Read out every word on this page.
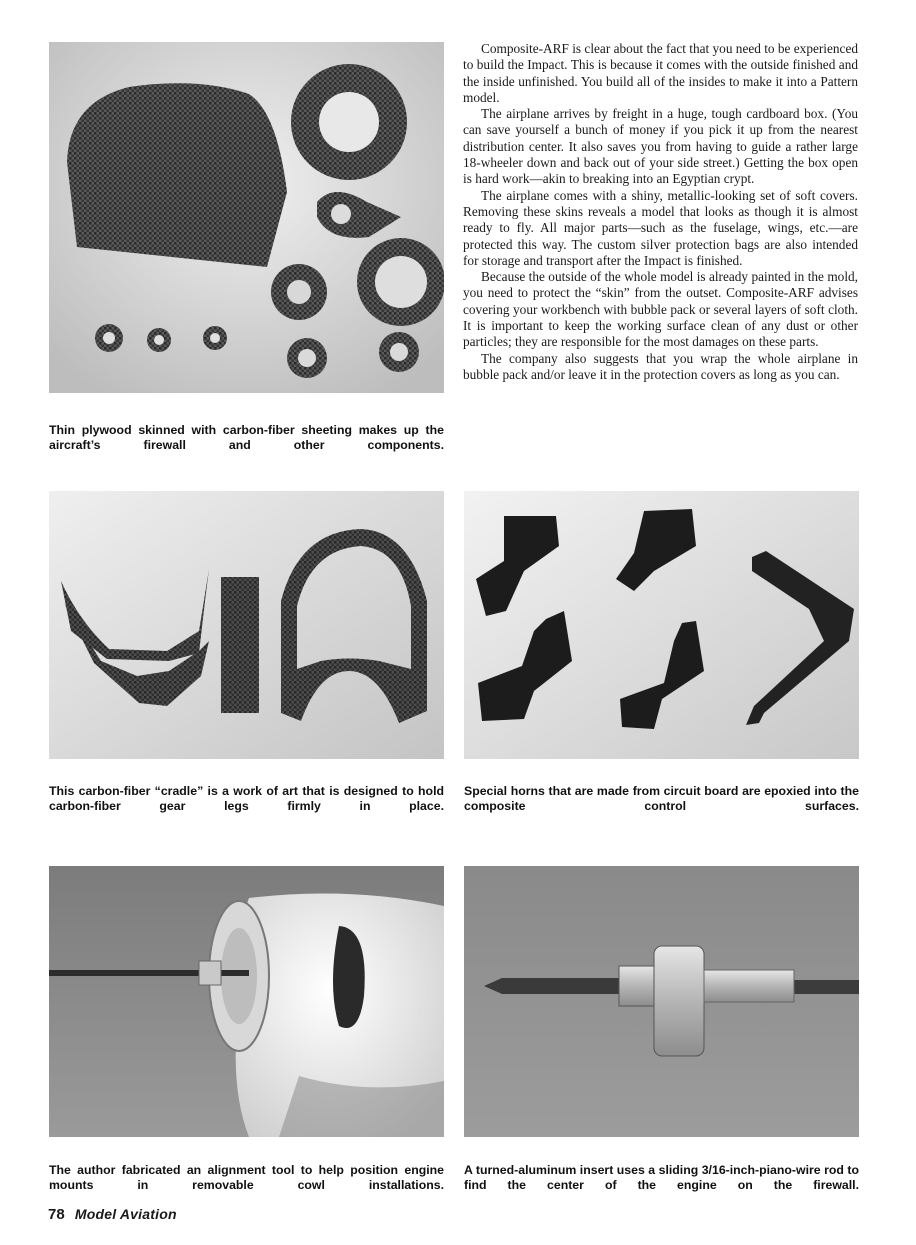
Composite-ARF is clear about the fact that you need to be experienced to build the Impact. This is because it comes with the outside finished and the inside unfinished. You build all of the insides to make it into a Pattern model.

The airplane arrives by freight in a huge, tough cardboard box. (You can save yourself a bunch of money if you pick it up from the nearest distribution center. It also saves you from having to guide a rather large 18-wheeler down and back out of your side street.) Getting the box open is hard work—akin to breaking into an Egyptian crypt.

The airplane comes with a shiny, metallic-looking set of soft covers. Removing these skins reveals a model that looks as though it is almost ready to fly. All major parts—such as the fuselage, wings, etc.—are protected this way. The custom silver protection bags are also intended for storage and transport after the Impact is finished.

Because the outside of the whole model is already painted in the mold, you need to protect the “skin” from the outset. Composite-ARF advises covering your workbench with bubble pack or several layers of soft cloth. It is important to keep the working surface clean of any dust or other particles; they are responsible for the most damages on these parts.

The company also suggests that you wrap the whole airplane in bubble pack and/or leave it in the protection covers as long as you can.

Thin plywood skinned with carbon-fiber sheeting makes up the aircraft’s firewall and other components.

This carbon-fiber “cradle” is a work of art that is designed to hold carbon-fiber gear legs firmly in place.

Special horns that are made from circuit board are epoxied into the composite control surfaces.

The author fabricated an alignment tool to help position engine mounts in removable cowl installations.

A turned-aluminum insert uses a sliding 3/16-inch-piano-wire rod to find the center of the engine on the firewall.

78 Model Aviation
